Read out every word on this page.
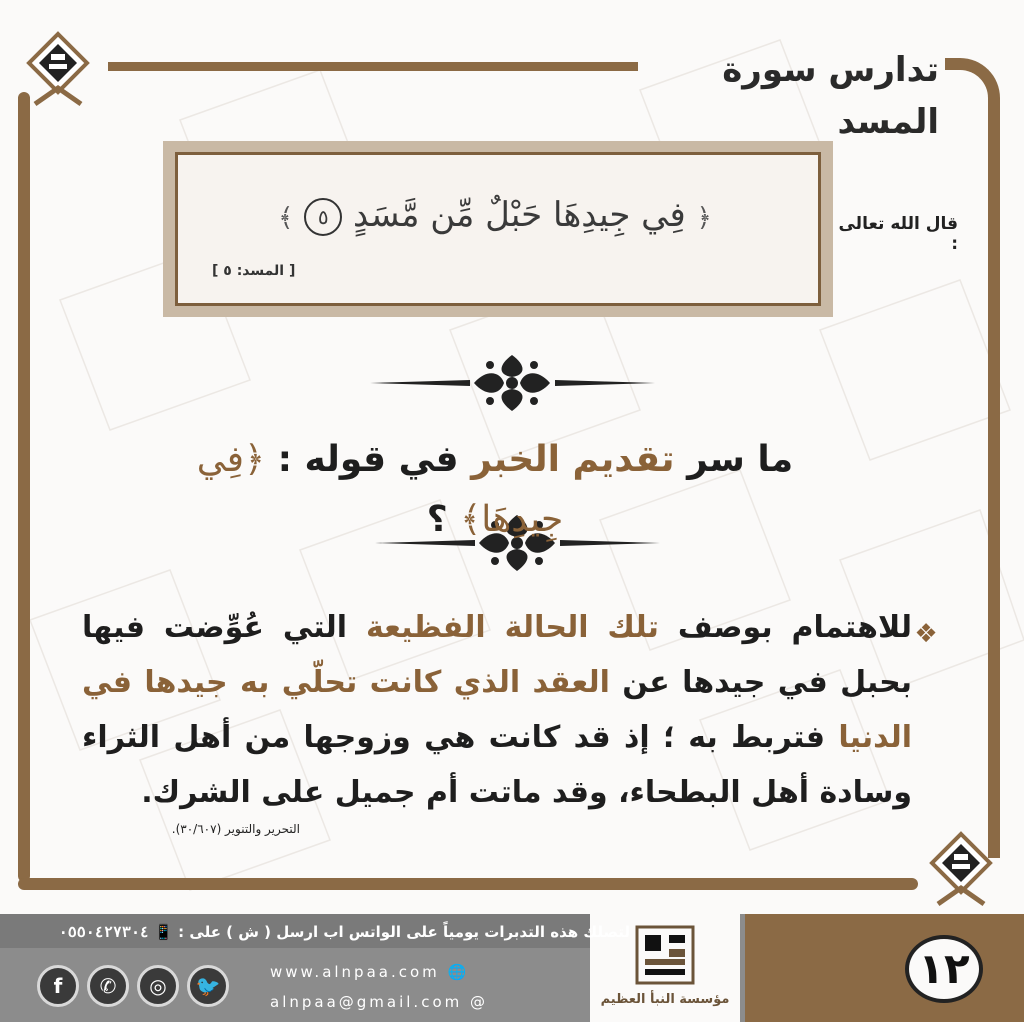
تدارس سورة المسد
﴿ فِي جِيدِهَا حَبْلٌ مِّن مَّسَدٍ ٥ ﴾
[ المسد: ٥ ]
قال الله تعالى :
ما سر تقديم الخبر في قوله : ﴿فِي جِيدِهَا﴾ ؟
❖
للاهتمام بوصف تلك الحالة الفظيعة التي عُوِّضت فيها بحبل في جيدها عن العقد الذي كانت تحلّي به جيدها في الدنيا فتربط به ؛ إذ قد كانت هي وزوجها من أهل الثراء وسادة أهل البطحاء، وقد ماتت أم جميل على الشرك.
التحرير والتنوير (٣٠/٦٠٧).
لتصلك هذه التدبرات يومياً على الواتس اب ارسل ( ش ) على : 📱 ٠٥٥٠٤٢٧٣٠٤
www.alnpaa.com 🌐
alnpaa@gmail.com @
f	✆	◎	🐦
مؤسسة النبأ العظيم
١٢
